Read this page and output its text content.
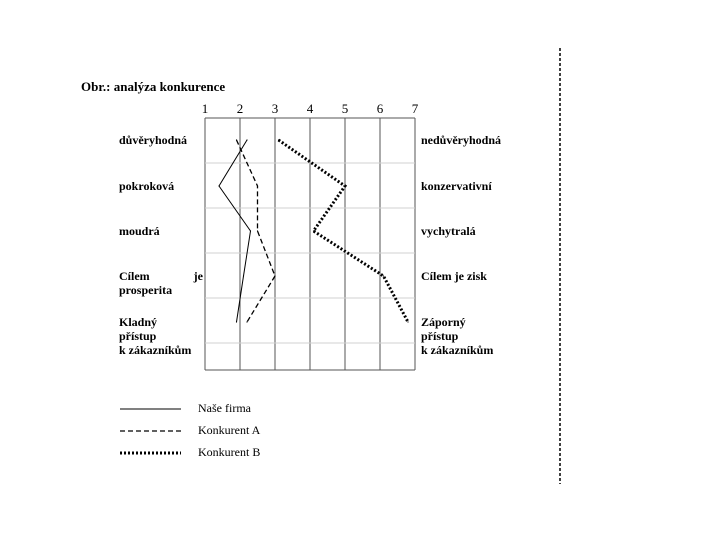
Obr.: analýza konkurence
1	2	3	4	5	6	7
důvěryhodná
pokroková
moudrá
Cílem	je
prosperita
Kladný
přístup
k zákazníkům
nedůvěryhodná
konzervativní
vychytralá
Cílem je zisk
Záporný
přístup
k zákazníkům
Naše firma
Konkurent A
Konkurent B
